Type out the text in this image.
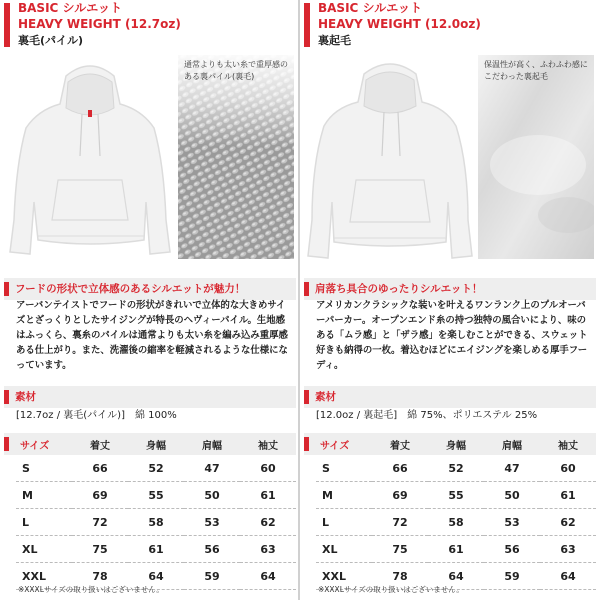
BASIC シルエット
HEAVY WEIGHT (12.7oz)
裏毛(パイル)
通常よりも太い糸で重厚感のある裏パイル(裏毛)
フードの形状で立体感のあるシルエットが魅力！
アーバンテイストでフードの形状がきれいで立体的な大きめサイズとざっくりとしたサイジングが特長のヘヴィーパイル。生地感はふっくら、裏糸のパイルは通常よりも太い糸を編み込み重厚感ある仕上がり。また、洗濯後の縮率を軽減されるような仕様になっています。
素材
[12.7oz / 裏毛(パイル)]　綿 100%
サイズ	着丈	身幅	肩幅	袖丈
S	66	52	47	60
M	69	55	50	61
L	72	58	53	62
XL	75	61	56	63
XXL	78	64	59	64
※XXXLサイズの取り扱いはございません。
BASIC シルエット
HEAVY WEIGHT (12.0oz)
裏起毛
保温性が高く、ふわふわ感にこだわった裏起毛
肩落ち具合のゆったりシルエット！
アメリカンクラシックな装いを叶えるワンランク上のプルオーバーパーカー。オープンエンド糸の持つ独特の風合いにより、味のある「ムラ感」と「ザラ感」を楽しむことができる、スウェット好きも納得の一枚。着込むほどにエイジングを楽しめる厚手フーディ。
素材
[12.0oz / 裏起毛]　綿 75%、ポリエステル 25%
サイズ	着丈	身幅	肩幅	袖丈
S	66	52	47	60
M	69	55	50	61
L	72	58	53	62
XL	75	61	56	63
XXL	78	64	59	64
※XXXLサイズの取り扱いはございません。
